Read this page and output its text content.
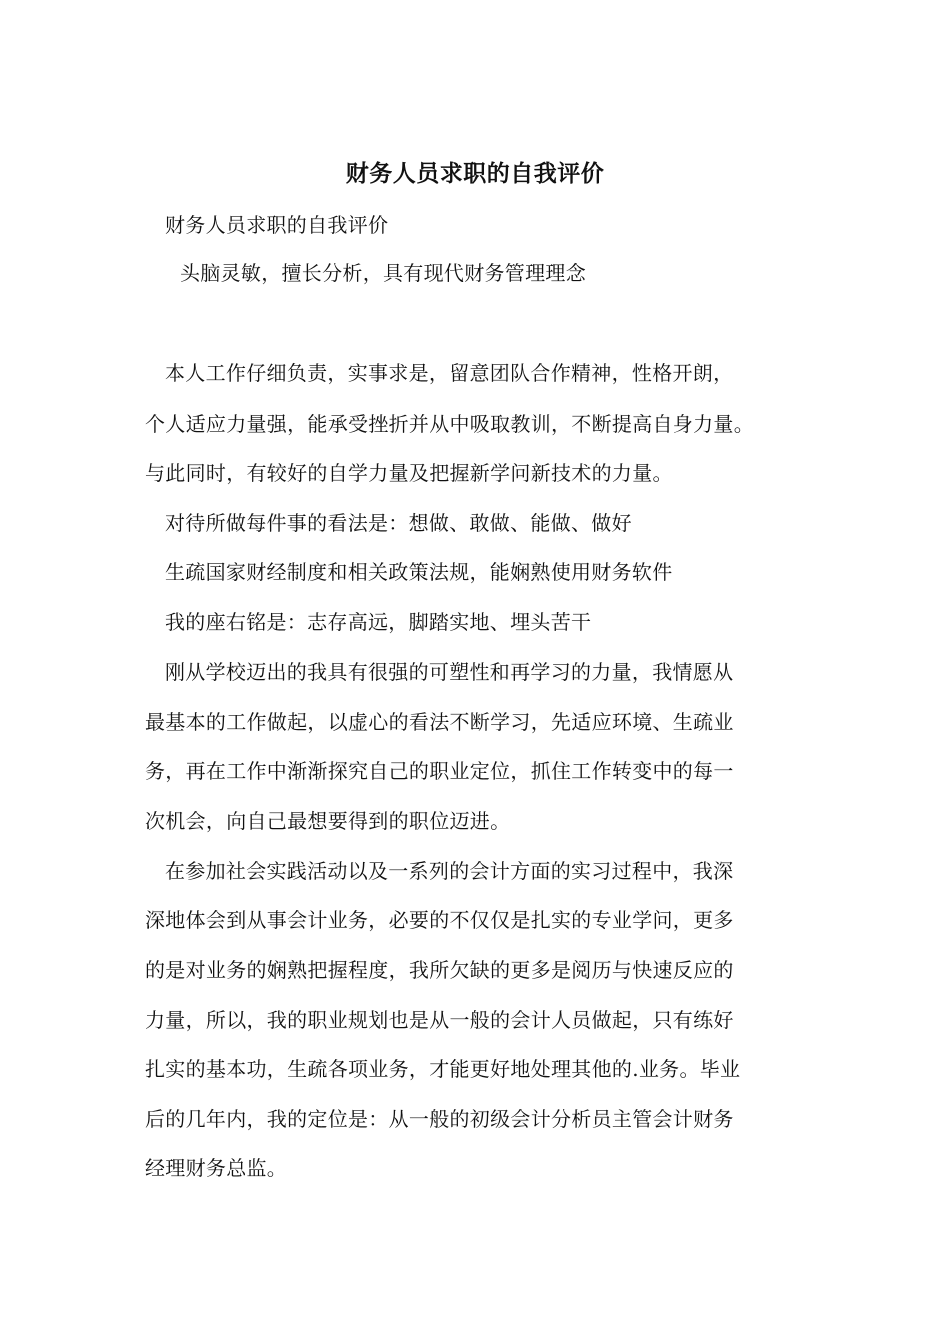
财务人员求职的自我评价
财务人员求职的自我评价
头脑灵敏，擅长分析，具有现代财务管理理念
本人工作仔细负责，实事求是，留意团队合作精神，性格开朗，
个人适应力量强，能承受挫折并从中吸取教训，不断提高自身力量。
与此同时，有较好的自学力量及把握新学问新技术的力量。
对待所做每件事的看法是：想做、敢做、能做、做好
生疏国家财经制度和相关政策法规，能娴熟使用财务软件
我的座右铭是：志存高远，脚踏实地、埋头苦干
刚从学校迈出的我具有很强的可塑性和再学习的力量，我情愿从
最基本的工作做起，以虚心的看法不断学习，先适应环境、生疏业
务，再在工作中渐渐探究自己的职业定位，抓住工作转变中的每一
次机会，向自己最想要得到的职位迈进。
在参加社会实践活动以及一系列的会计方面的实习过程中，我深
深地体会到从事会计业务，必要的不仅仅是扎实的专业学问，更多
的是对业务的娴熟把握程度，我所欠缺的更多是阅历与快速反应的
力量，所以，我的职业规划也是从一般的会计人员做起，只有练好
扎实的基本功，生疏各项业务，才能更好地处理其他的.业务。毕业
后的几年内，我的定位是：从一般的初级会计分析员主管会计财务
经理财务总监。
